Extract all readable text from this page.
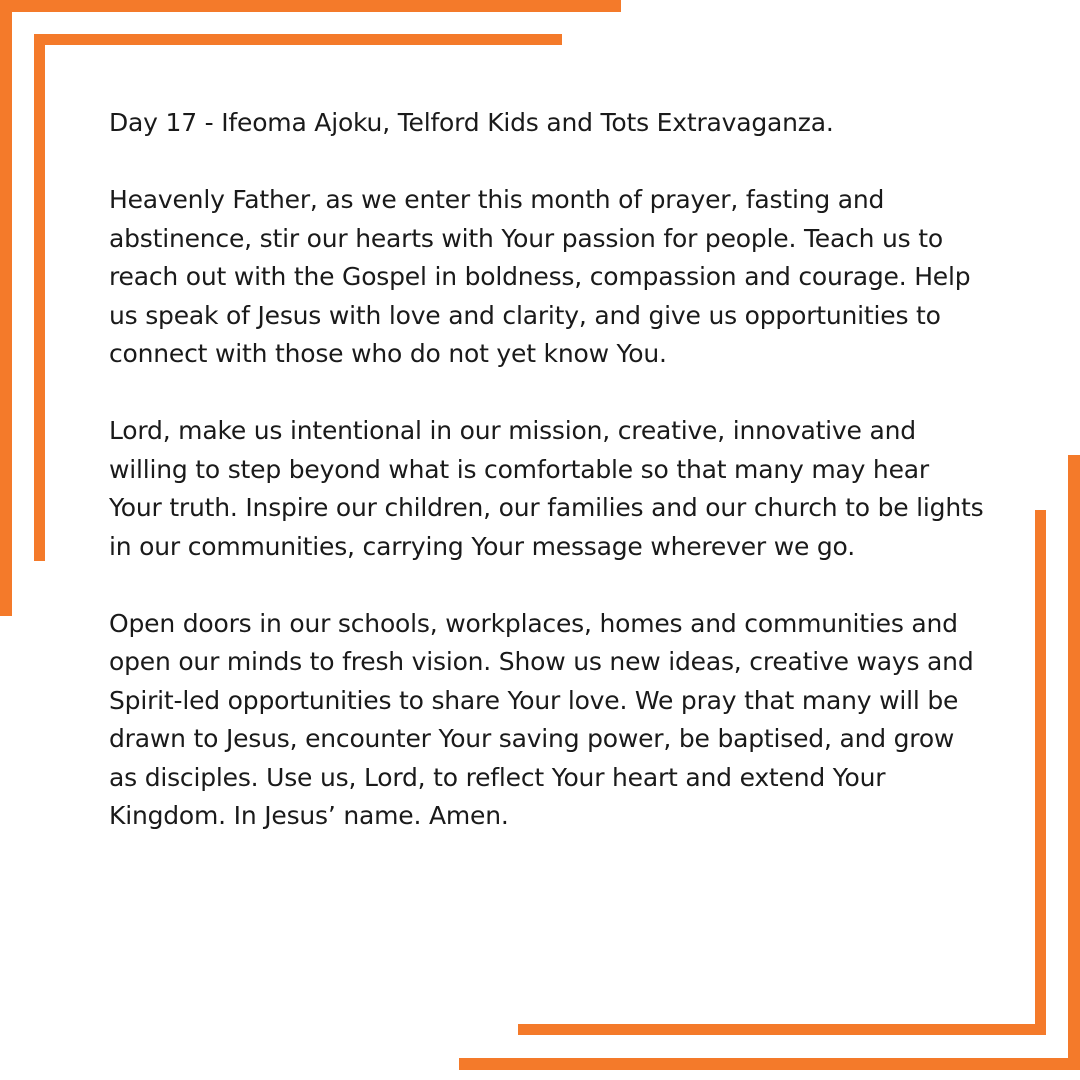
Day 17 - Ifeoma Ajoku, Telford Kids and Tots Extravaganza.

Heavenly Father, as we enter this month of prayer, fasting and abstinence, stir our hearts with Your passion for people. Teach us to reach out with the Gospel in boldness, compassion and courage. Help us speak of Jesus with love and clarity, and give us opportunities to connect with those who do not yet know You.

Lord, make us intentional in our mission, creative, innovative and willing to step beyond what is comfortable so that many may hear Your truth. Inspire our children, our families and our church to be lights in our communities, carrying Your message wherever we go.

Open doors in our schools, workplaces, homes and communities and open our minds to fresh vision. Show us new ideas, creative ways and Spirit-led opportunities to share Your love. We pray that many will be drawn to Jesus, encounter Your saving power, be baptised, and grow as disciples. Use us, Lord, to reflect Your heart and extend Your Kingdom. In Jesus’ name. Amen.
